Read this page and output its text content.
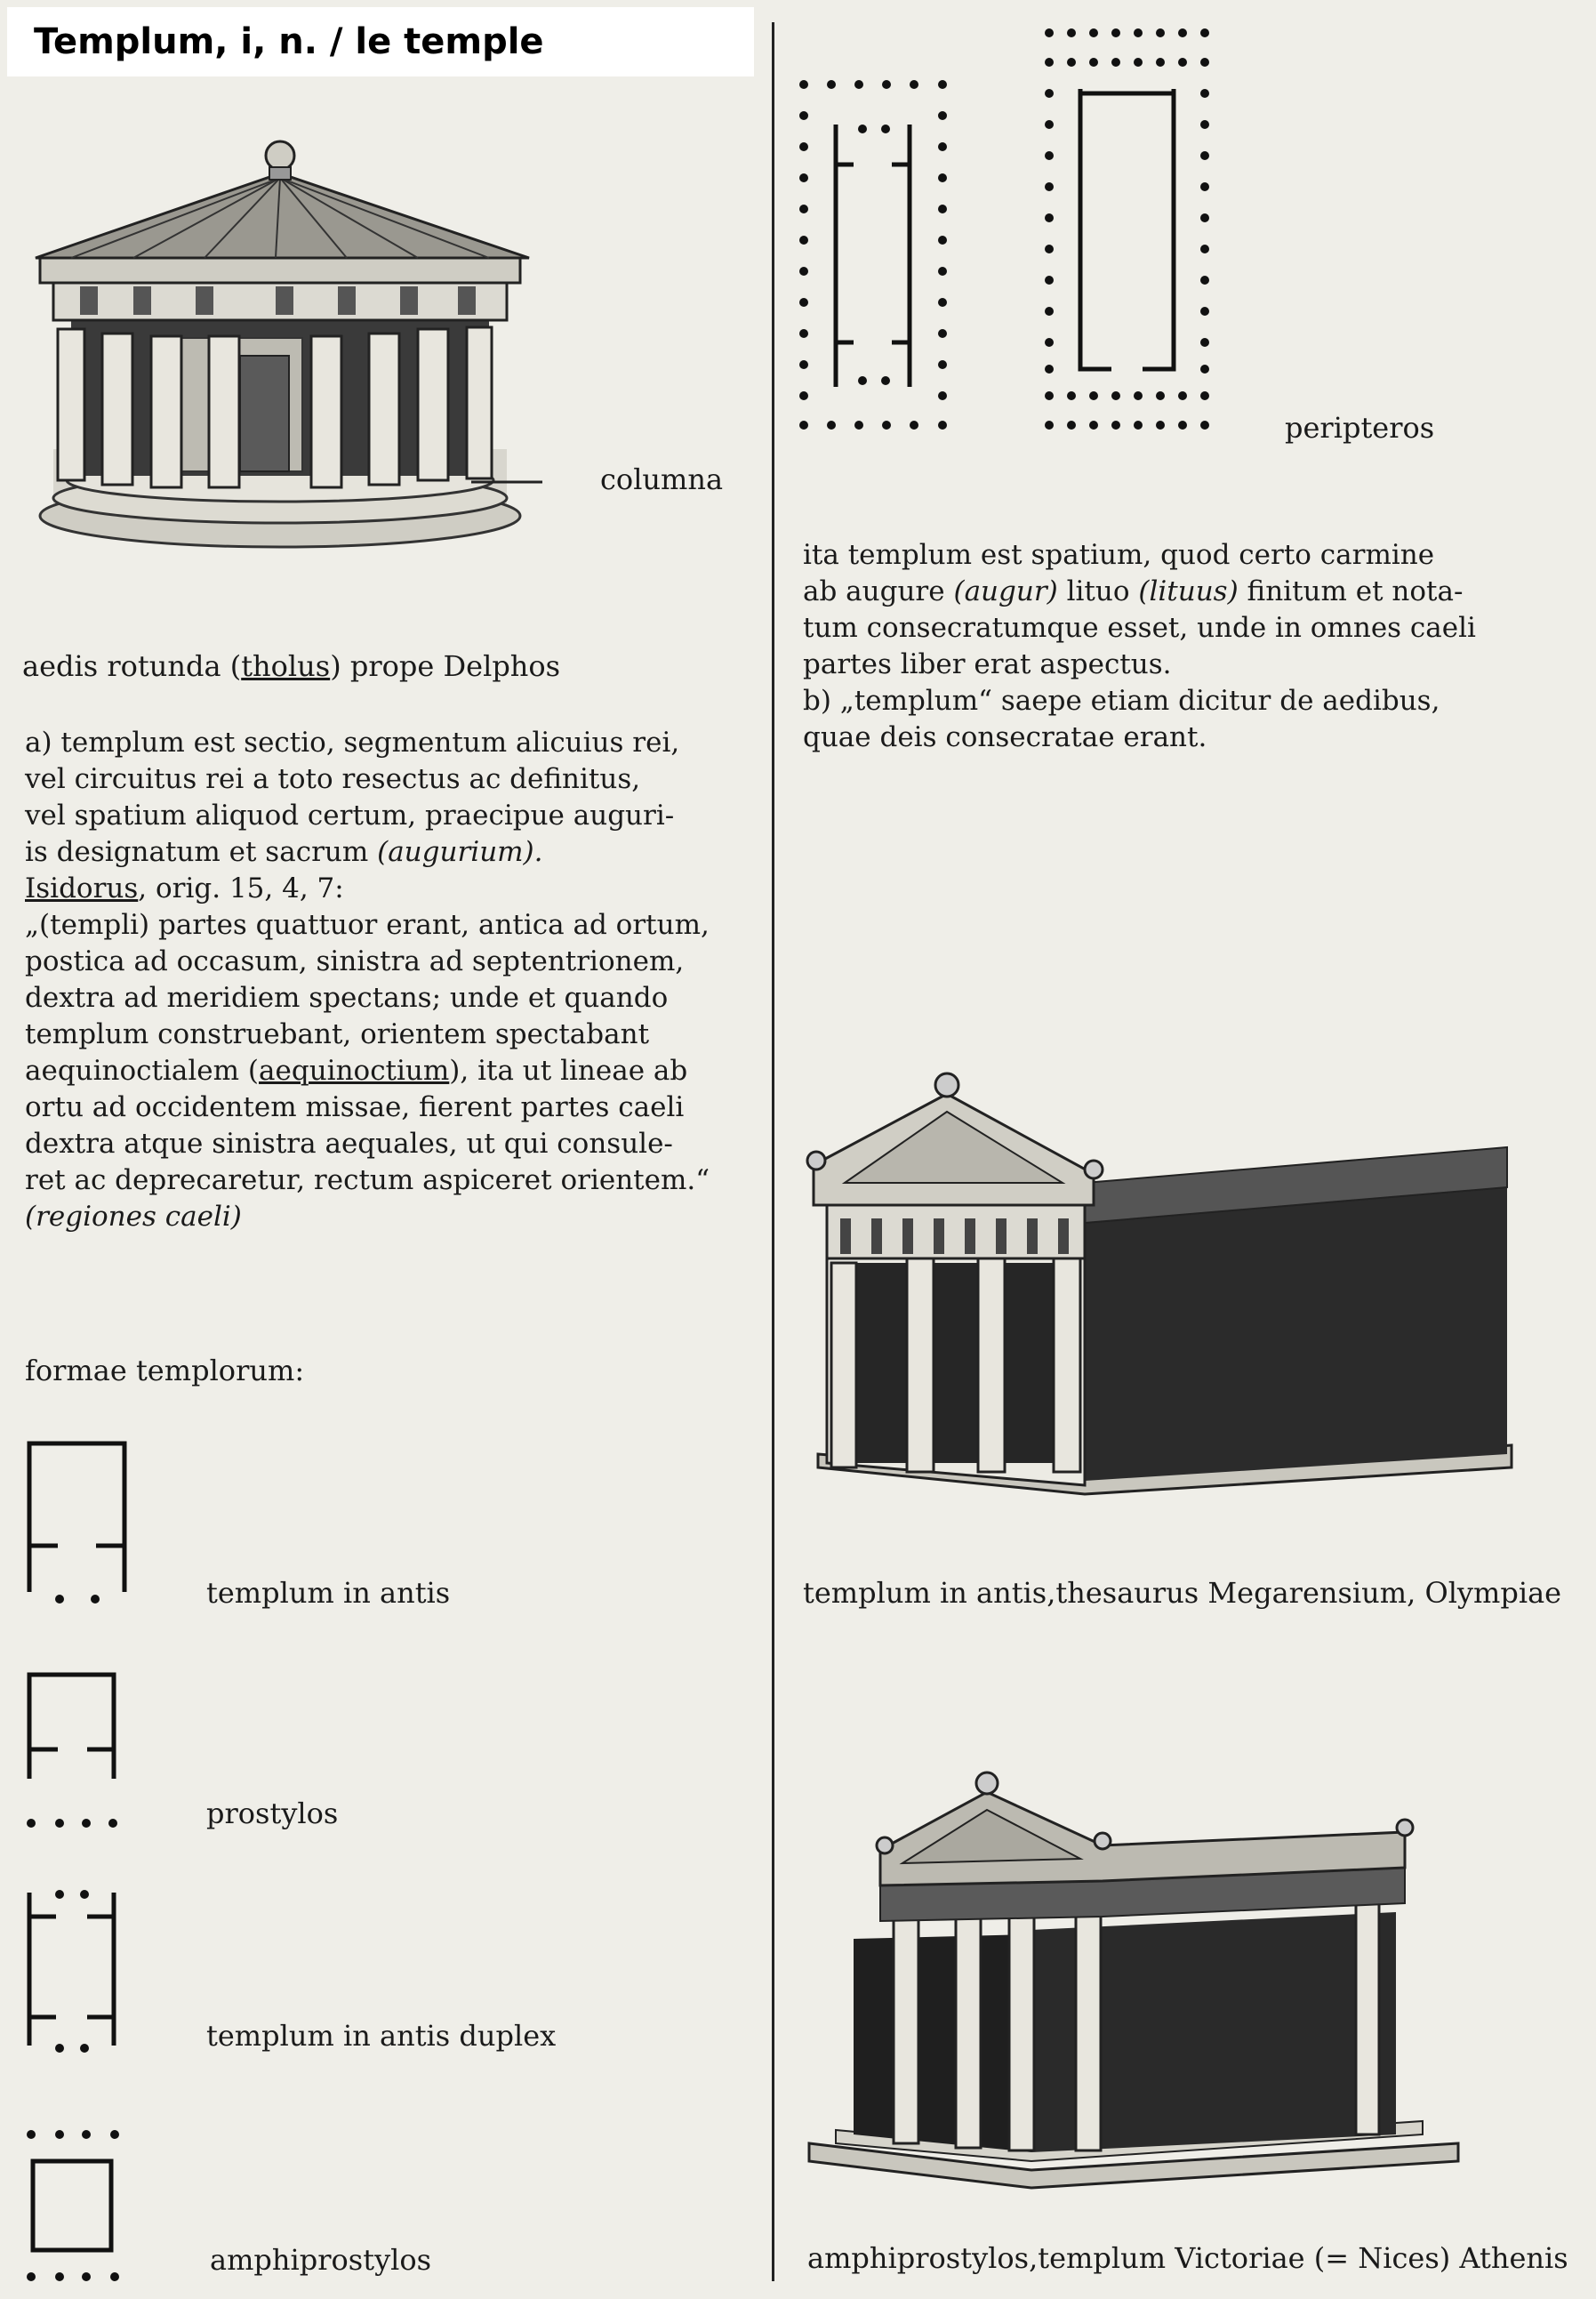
Templum, i, n. / le temple
columna
aedis rotunda (tholus) prope Delphos
a) templum est sectio, segmentum alicuius rei,
vel circuitus rei a toto resectus ac definitus,
vel spatium aliquod certum, praecipue auguri-
is designatum et sacrum (augurium).
Isidorus, orig. 15, 4, 7:
„(templi) partes quattuor erant, antica ad ortum,
postica ad occasum, sinistra ad septentrionem,
dextra ad meridiem spectans; unde et quando
templum construebant, orientem spectabant
aequinoctialem (aequinoctium), ita ut lineae ab
ortu ad occidentem missae, fierent partes caeli
dextra atque sinistra aequales, ut qui consule-
ret ac deprecaretur, rectum aspiceret orientem.“
(regiones caeli)
formae templorum:
templum in antis
prostylos
templum in antis duplex
amphiprostylos
peripteros
ita templum est spatium, quod certo carmine
ab augure (augur) lituo (lituus) finitum et nota-
tum consecratumque esset, unde in omnes caeli
partes liber erat aspectus.
b) „templum“ saepe etiam dicitur de aedibus,
quae deis consecratae erant.
templum in antis,thesaurus Megarensium, Olympiae
amphiprostylos,templum Victoriae (= Nices) Athenis
